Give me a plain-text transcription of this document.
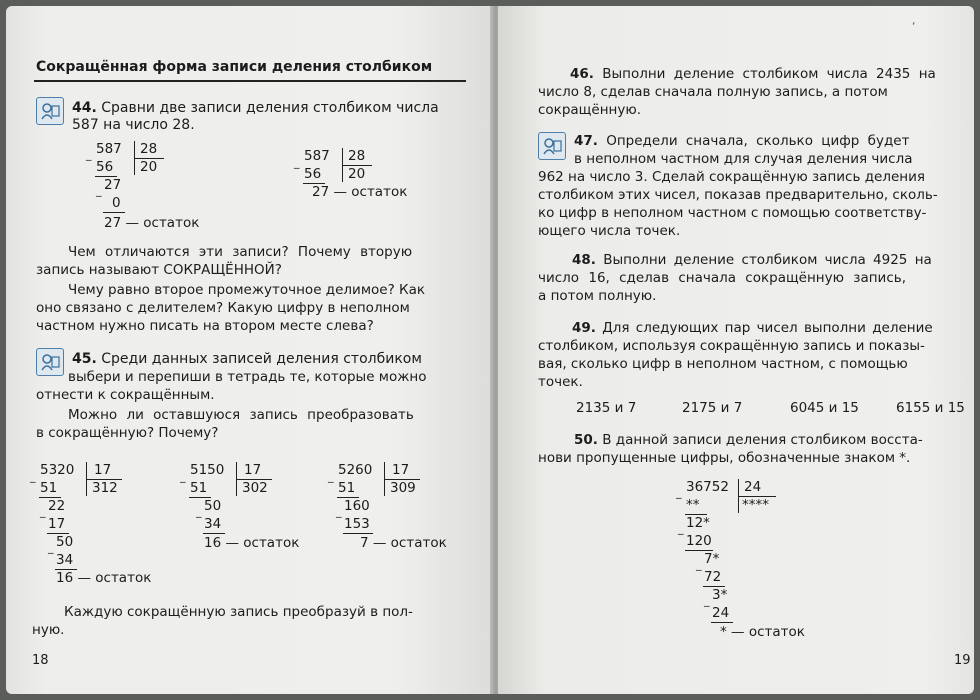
Сокращённая форма записи деления столбиком
44. Сравни две записи деления столбиком числа
587 на число 28.
_ 587 28
56 20
_ 27
0
27 — остаток
_ 587 28
56 20
27 — остаток
Чем отличаются эти записи? Почему вторую
запись называют СОКРАЩЁННОЙ?
Чему равно второе промежуточное делимое? Как
оно связано с делителем? Какую цифру в неполном
частном нужно писать на втором месте слева?
45. Среди данных записей деления столбиком
выбери и перепиши в тетрадь те, которые можно
отнести к сокращённым.
Можно ли оставшуюся запись преобразовать
в сокращённую? Почему?
_ 5320 17
51	312
_ 22
17
_ 50
34
16 — остаток
_ 5150 17
51	302
_ 50
34
16 — остаток
_ 5260 17
51	309
_ 160
153
7 — остаток
Каждую сокращённую запись преобразуй в пол-
ную.
18
‘
46. Выполни деление столбиком числа 2435 на
число 8, сделав сначала полную запись, а потом
сокращённую.
47. Определи сначала, сколько цифр будет
в неполном частном для случая деления числа
962 на число 3. Сделай сокращённую запись деления
столбиком этих чисел, показав предварительно, сколь-
ко цифр в неполном частном с помощью соответству-
ющего числа точек.
48. Выполни деление столбиком числа 4925 на
число 16, сделав сначала сокращённую запись,
а потом полную.
49. Для следующих пар чисел выполни деление
столбиком, используя сокращённую запись и показы-
вая, сколько цифр в неполном частном, с помощью
точек.
2135 и 7	2175 и 7	6045 и 15	6155 и 15
50. В данной записи деления столбиком восста-
нови пропущенные цифры, обозначенные знаком *.
_ 36752 24
**	****
_ 12*
120
_ 7*
72
_ 3*
24
* — остаток
19
